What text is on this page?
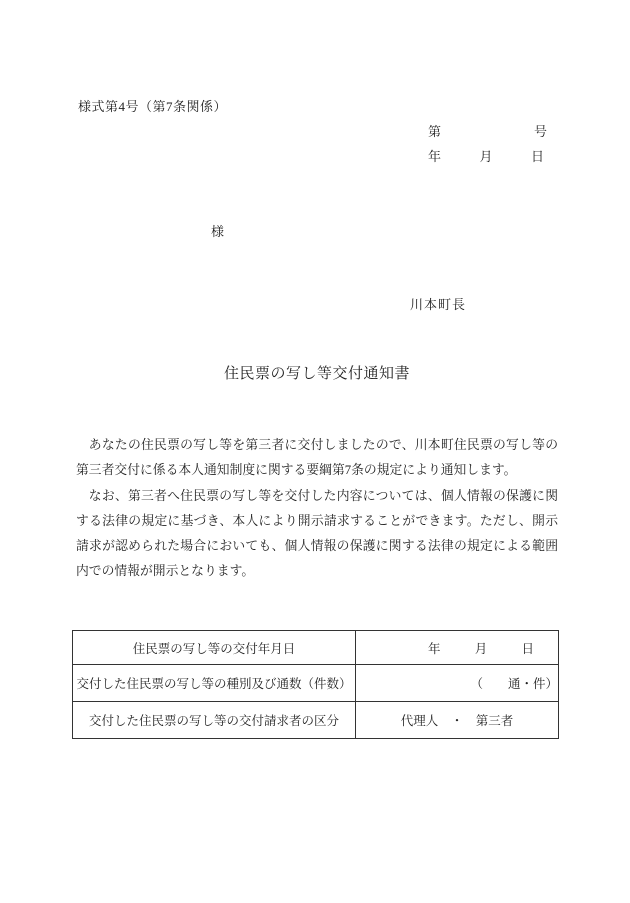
様式第4号（第7条関係）
第	号
年	月	日
様
川本町長
住民票の写し等交付通知書

あなたの住民票の写し等を第三者に交付しましたので、川本町住民票の写し等の第三者交付に係る本人通知制度に関する要綱第7条の規定により通知します。

なお、第三者へ住民票の写し等を交付した内容については、個人情報の保護に関する法律の規定に基づき、本人により開示請求することができます。ただし、開示請求が認められた場合においても、個人情報の保護に関する法律の規定による範囲内での情報が開示となります。

住民票の写し等の交付年月日	年 月 日

交付した住民票の写し等の種別及び通数（件数）	（　　通・件）
交付した住民票の写し等の交付請求者の区分	代理人　・　第三者
